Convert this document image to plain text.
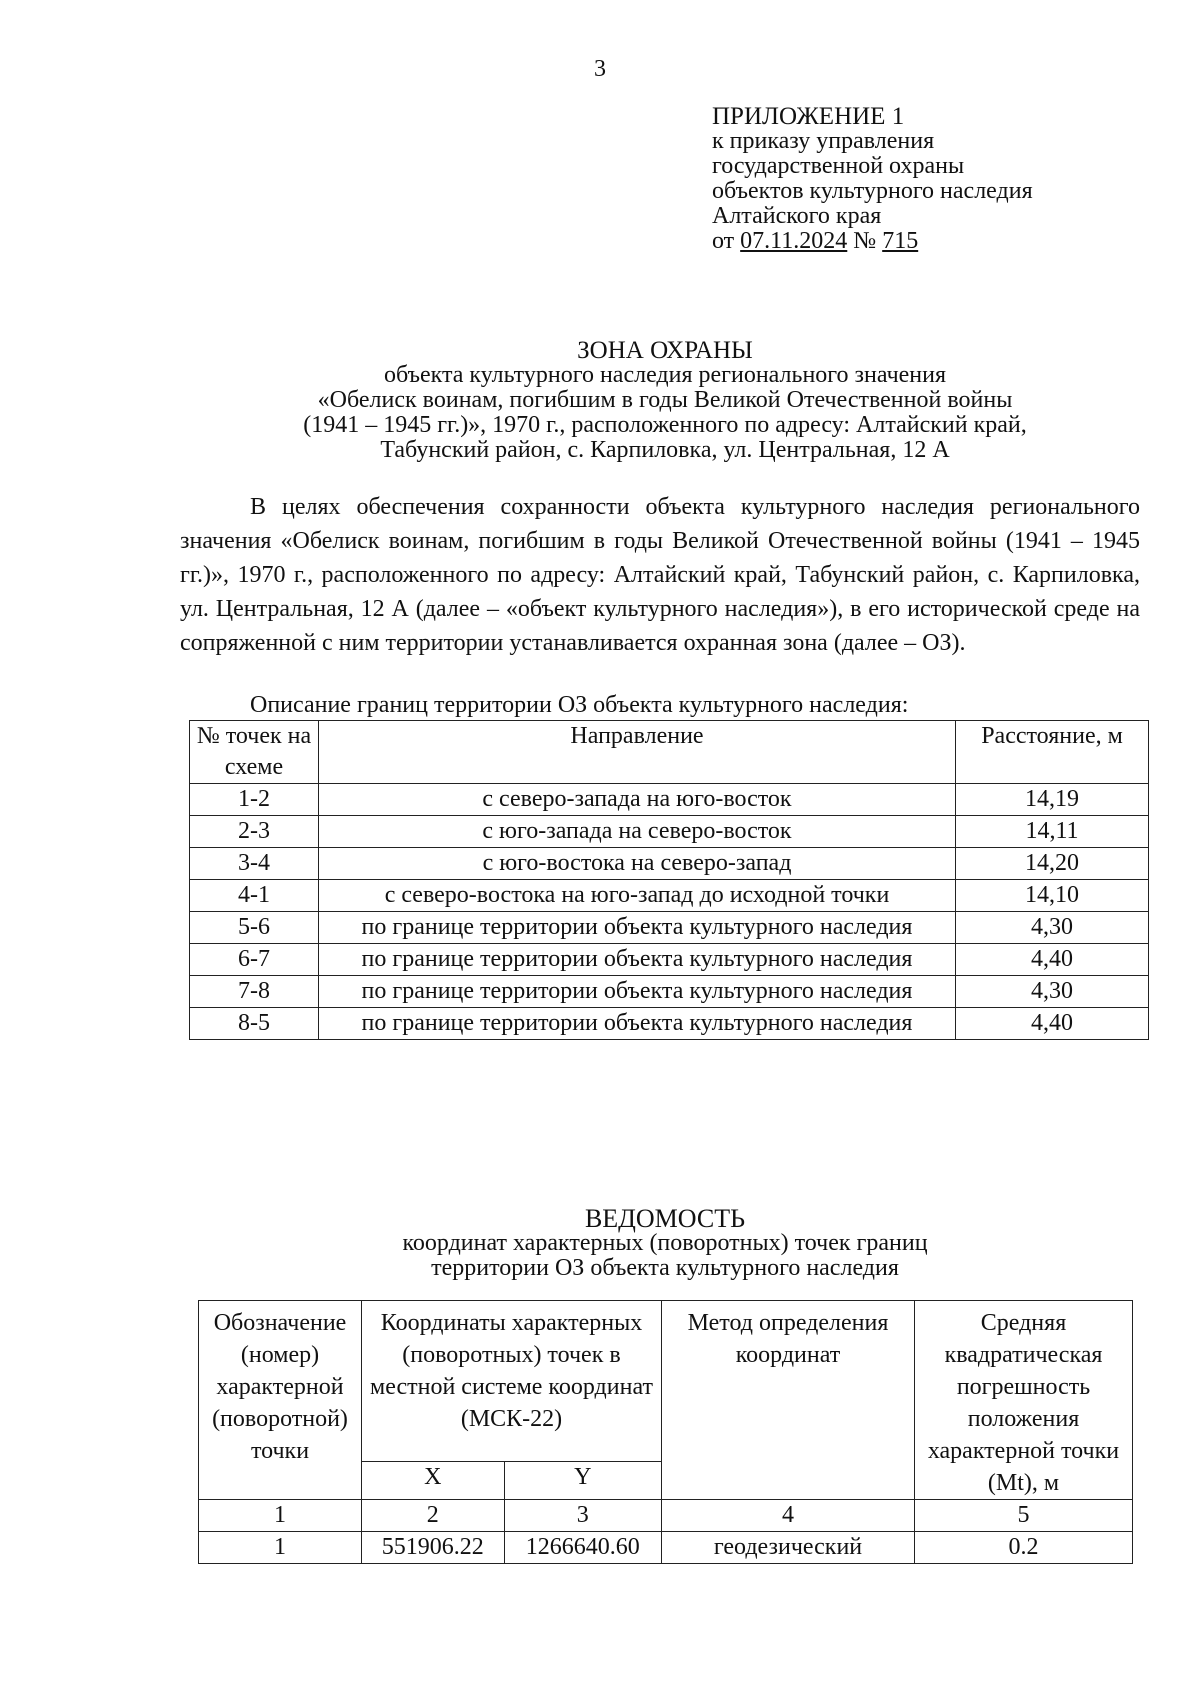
3
ПРИЛОЖЕНИЕ 1
к приказу управления
государственной охраны
объектов культурного наследия
Алтайского края
от 07.11.2024 № 715
ЗОНА ОХРАНЫ
объекта культурного наследия регионального значения
«Обелиск воинам, погибшим в годы Великой Отечественной войны
(1941 – 1945 гг.)», 1970 г., расположенного по адресу: Алтайский край,
Табунский район, с. Карпиловка, ул. Центральная, 12 А

В целях обеспечения сохранности объекта культурного наследия регионального значения «Обелиск воинам, погибшим в годы Великой Отечественной войны (1941 – 1945 гг.)», 1970 г., расположенного по адресу: Алтайский край, Табунский район, с. Карпиловка, ул. Центральная, 12 А (далее – «объект культурного наследия»), в его исторической среде на сопряженной с ним территории устанавливается охранная зона (далее – ОЗ).

Описание границ территории ОЗ объекта культурного наследия:
№ точек на схеме	Направление	Расстояние, м
1-2	с северо-запада на юго-восток	14,19
2-3	с юго-запада на северо-восток	14,11
3-4	с юго-востока на северо-запад	14,20
4-1	с северо-востока на юго-запад до исходной точки	14,10
5-6	по границе территории объекта культурного наследия	4,30
6-7	по границе территории объекта культурного наследия	4,40
7-8	по границе территории объекта культурного наследия	4,30
8-5	по границе территории объекта культурного наследия	4,40
ВЕДОМОСТЬ
координат характерных (поворотных) точек границ
территории ОЗ объекта культурного наследия
Обозначение (номер) характерной (поворотной) точки	Координаты характерных (поворотных) точек в местной системе координат (МСК-22)		Метод определения координат	Средняя квадратическая погрешность положения характерной точки (Mt), м
	X	Y		
1	2	3	4	5
1	551906.22	1266640.60	геодезический	0.2
